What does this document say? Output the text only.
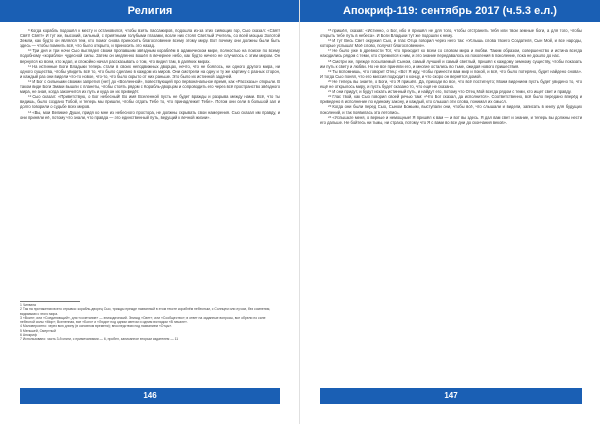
Религия

$^9$Когда корабль подошёл к месту и остановился, чтобы взять пассажиров, подошла из-за этих сияющих гор, Сыо сказал: «Свят! Свят! Свят!» И тут же, высокий, сильный, с приятными голубыми глазами, возле них стоял Светлый Учитель, со всей мощью Золотой Земли, как будто он являлся тем, кто помог снова приносить благословение всему этому миру. Вот почему они должны были быть здесь — чтобы помнить всё, что было открыто, и приносить это назад.

$^{10}$Три дня и три ночи Сыо выглядел своим пропавшим звёздным кораблём в адамическом мире, полностью на поиске по всему подобному «кораблю» чудесной силы. Затем он медленно вошёл в вечернее небо, как будто ничего не случилось с этим миром. Он вернулся ко всем, кто ждал, и спокойно начал рассказывать о том, что видел там, в далёких мирах.

$^{11}$На истинные Боги Владыки теперь стали в своих неподвижных дворцах, нечто, что не боялось, ни одного другого мира, ни одного существа, чтобы увидеть всё то, что было сделано в каждом из миров. Они смотрели на одну и ту же картину с разных сторон, и каждый раз они видели что-то новое, что-то, что было скрыто от них раньше. Это было их истинной задачей.

$^{12}$И Бог с сильными своими запретил (нет) до «Вселенной», повествующей про первоначальное время, как «Рассказы» открыли. В таком виде Боги Эмаки вышли с планеты, чтобы стоять рядом с Корабль-дворцом и сопроводить его через всё пространство звёздного мира, не зная, когда закончится их путь и куда он их приведёт.

$^{13}$Сыо сказал: «Приветствую, о Бог небесный! Во имя Вселенной пусть не будет вражды и разрыва между нами. Всё, что ты видишь, было создано Тобой, и теперь мы пришли, чтобы отдать Тебе то, что принадлежит Тебе». Потом они сели в большой зал и долго говорили о судьбе всех миров.

$^{14}$«Вы, мои Великие Души, придя ко мне из небесного простора, не должны скрывать свои намерения. Сыо сказал им правду, и они приняли её, потому что знали, что правда — это единственный путь, ведущий к вечной жизни».

1 Чинвата
2 Так на протяжении всего отрывка: корабль-дворец Сыо, трижды прежде названный в этом тексте кораблём небесным, с Солнцем или лучом, без сомнения, видимыми с этого мира.
3 «Воин», или «Соединяющий», для «сочетание» — эпизодический. Эпизод «Свет», или «Сообщество»; в ответ на заданные вопросы, все обрели по силе небесной силы «Мир»; Вселенная, все «Боги» и «Люди» под одним светом и одним взглядом «В начале».
4 Маловероятно: через всю длину (в основном времени); впоследствии под названием «Отцы».
5 Меньшей, Смертный
6 Апокриф
7 Использовано: часть 3-й книги, с примечаниями — 6, пробел, записанное вторым издателем — 11
146
Апокриф-119: сентябрь 2017 (ч.5.3 е.л.)

$^{15}$пришёл, сказав: «Истинно, о Бог, ибо я пришёл не для того, чтобы отстранить тебя или твои земные боги, а для того, чтобы открыть тебе путь в небеса». И Боги Владыки тут же подошли к нему.

$^{16}$И тут Весь Свет окружил Сыо, и глас Отца говорил через него так: «Услышь слова твоего Создателя, Сын Мой, и все народы, которые услышат Моё слово, получат благословение».

$^{17}$Не было уже в древности Тот, что приходит ко всем со словом мира и любви. Таким образом, совершенство и истина всегда находились рядом с теми, кто стремился к ним, и это знание передавалось из поколения в поколение, пока не дошло до нас.

$^{18}$Смотри же, прежде посылаемый Сыном, самый лучший и самый светлый, пришёл к каждому земному существу, чтобы показать им путь к свету и любви. Но не все приняли его, и многие остались во тьме, ожидая нового пришествия.

$^{19}$Ты вспомнишь, что говорит Отец: «Вот Я иду, чтобы принести вам мир и покой, и всё, что было потеряно, будет найдено снова». И тогда Сыо понял, что его миссия подходит к концу, и что скоро он вернётся домой.

$^{20}$Не теперь вы знаете, о Боги, что Я пришёл. Да, приходи во все, что всё постигнуто; Моим видением пусть будет увидено то, что ещё не открылось миру, и пусть будет сказано то, что ещё не сказано.

$^{21}$И они придут, и будут искать истинный путь, и найдут его, потому что Отец Мой всегда рядом с теми, кто ищет свет и правду.

$^{22}$Глас твой, как Сыо говорил своей речью там: «Что Бог сказал, да исполнится». Соответственно, всё было передано вперёд и приведено в исполнение по единому закону, и каждый, кто слышал эти слова, понимал их смысл.

$^{23}$Когда они были перед Сыо, Сыном Божьим, выступали они, чтобы всё, что слышали и видели, записать в книгу для будущих поколений, и так появилась эта летопись.

$^{24}$«Услышьте меня, о верные и немощные! Я пришёл к вам — и вот вы здесь. Я дал вам свет и знание, и теперь вы должны нести его дальше. Не бойтесь ни тьмы, ни страха, потому что Я с вами во все дни до скончания веков».

147
